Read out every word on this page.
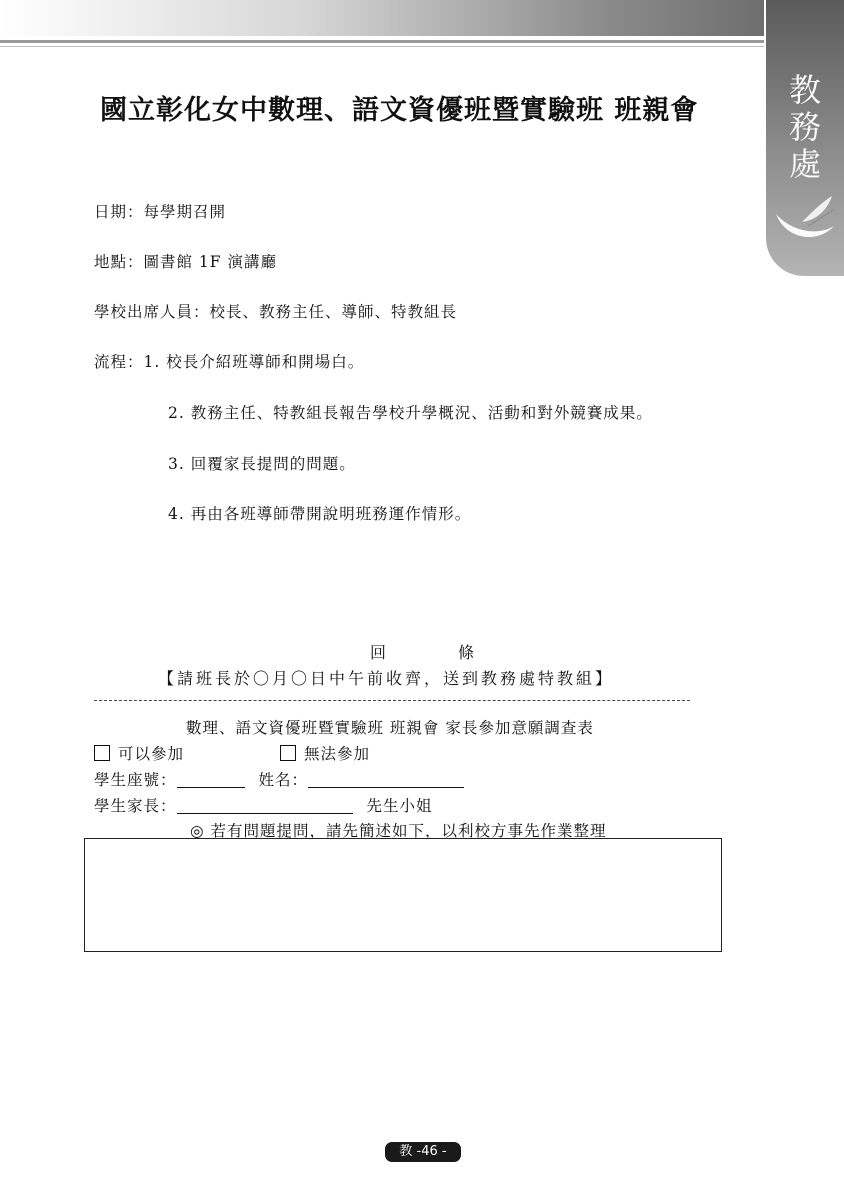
教
務
處
國立彰化女中數理、語文資優班暨實驗班 班親會
日期：每學期召開
地點：圖書館 1F 演講廳
學校出席人員：校長、教務主任、導師、特教組長
流程：1. 校長介紹班導師和開場白。
2. 教務主任、特教組長報告學校升學概況、活動和對外競賽成果。
3. 回覆家長提問的問題。
4. 再由各班導師帶開說明班務運作情形。
回	條
【請班長於〇月〇日中午前收齊，送到教務處特教組】
數理、語文資優班暨實驗班 班親會 家長參加意願調查表
可以參加	無法參加
學生座號：	姓名：
學生家長：	先生小姐
◎ 若有問題提問，請先簡述如下，以利校方事先作業整理
教 -46 -
